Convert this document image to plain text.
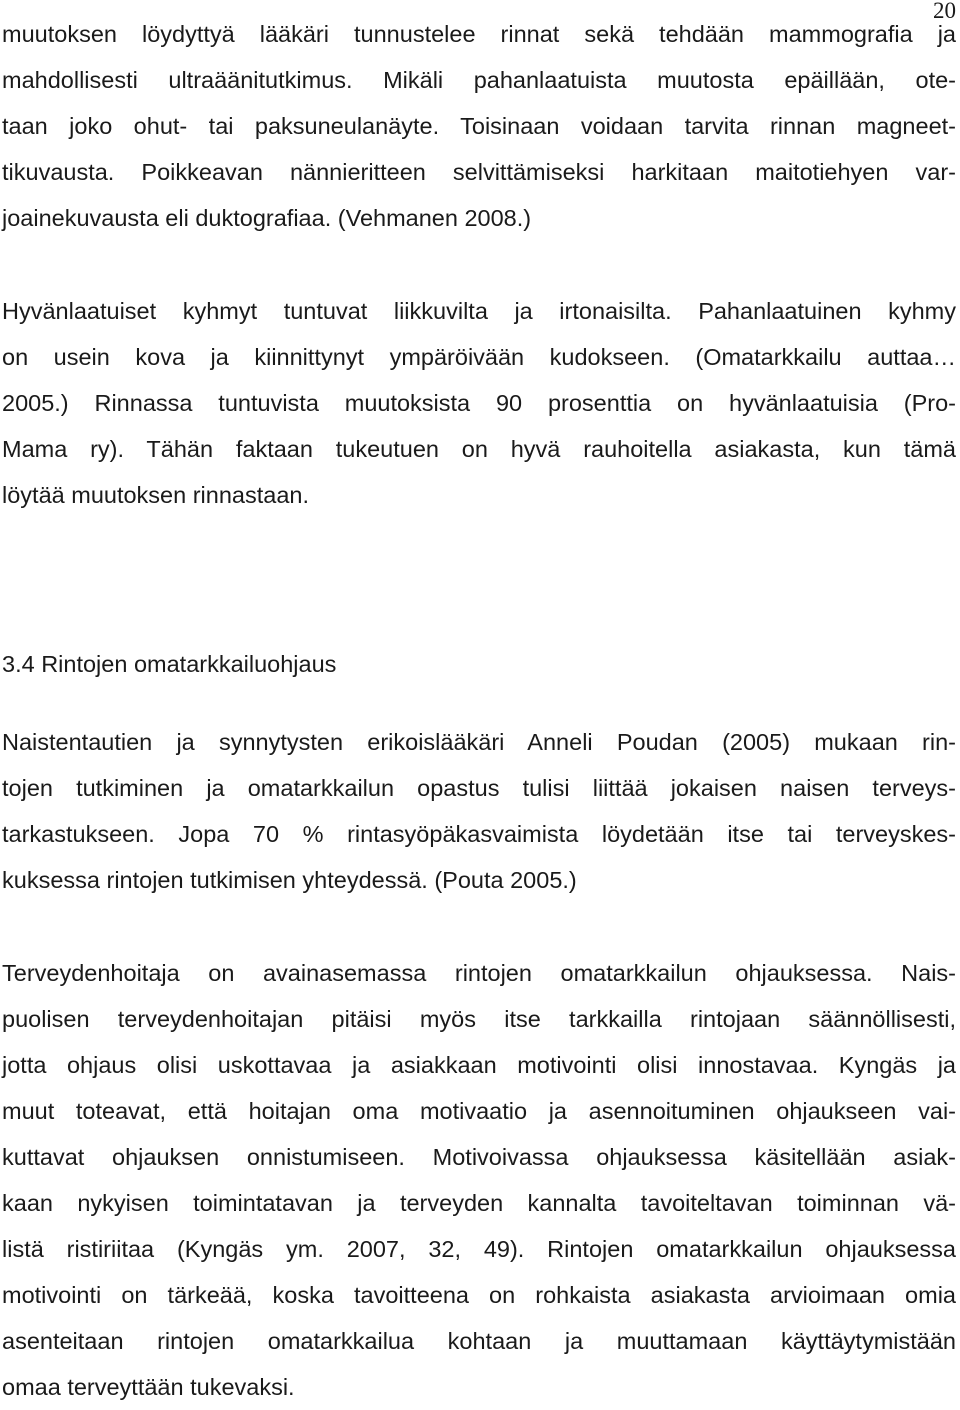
20
muutoksen löydyttyä lääkäri tunnustelee rinnat sekä tehdään mammografia ja
mahdollisesti ultraäänitutkimus. Mikäli pahanlaatuista muutosta epäillään, ote-
taan joko ohut- tai paksuneulanäyte. Toisinaan voidaan tarvita rinnan magneet-
tikuvausta. Poikkeavan nännieritteen selvittämiseksi harkitaan maitotiehyen var-
joainekuvausta eli duktografiaa. (Vehmanen 2008.)
Hyvänlaatuiset kyhmyt tuntuvat liikkuvilta ja irtonaisilta. Pahanlaatuinen kyhmy
on usein kova ja kiinnittynyt ympäröivään kudokseen. (Omatarkkailu auttaa…
2005.) Rinnassa tuntuvista muutoksista 90 prosenttia on hyvänlaatuisia (Pro-
Mama ry). Tähän faktaan tukeutuen on hyvä rauhoitella asiakasta, kun tämä
löytää muutoksen rinnastaan.
3.4 Rintojen omatarkkailuohjaus
Naistentautien ja synnytysten erikoislääkäri Anneli Poudan (2005) mukaan rin-
tojen tutkiminen ja omatarkkailun opastus tulisi liittää jokaisen naisen terveys-
tarkastukseen. Jopa 70 % rintasyöpäkasvaimista löydetään itse tai terveyskes-
kuksessa rintojen tutkimisen yhteydessä. (Pouta 2005.)
Terveydenhoitaja on avainasemassa rintojen omatarkkailun ohjauksessa. Nais-
puolisen terveydenhoitajan pitäisi myös itse tarkkailla rintojaan säännöllisesti,
jotta ohjaus olisi uskottavaa ja asiakkaan motivointi olisi innostavaa. Kyngäs ja
muut toteavat, että hoitajan oma motivaatio ja asennoituminen ohjaukseen vai-
kuttavat ohjauksen onnistumiseen. Motivoivassa ohjauksessa käsitellään asiak-
kaan nykyisen toimintatavan ja terveyden kannalta tavoiteltavan toiminnan vä-
listä ristiriitaa (Kyngäs ym. 2007, 32, 49). Rintojen omatarkkailun ohjauksessa
motivointi on tärkeää, koska tavoitteena on rohkaista asiakasta arvioimaan omia
asenteitaan rintojen omatarkkailua kohtaan ja muuttamaan käyttäytymistään
omaa terveyttään tukevaksi.
